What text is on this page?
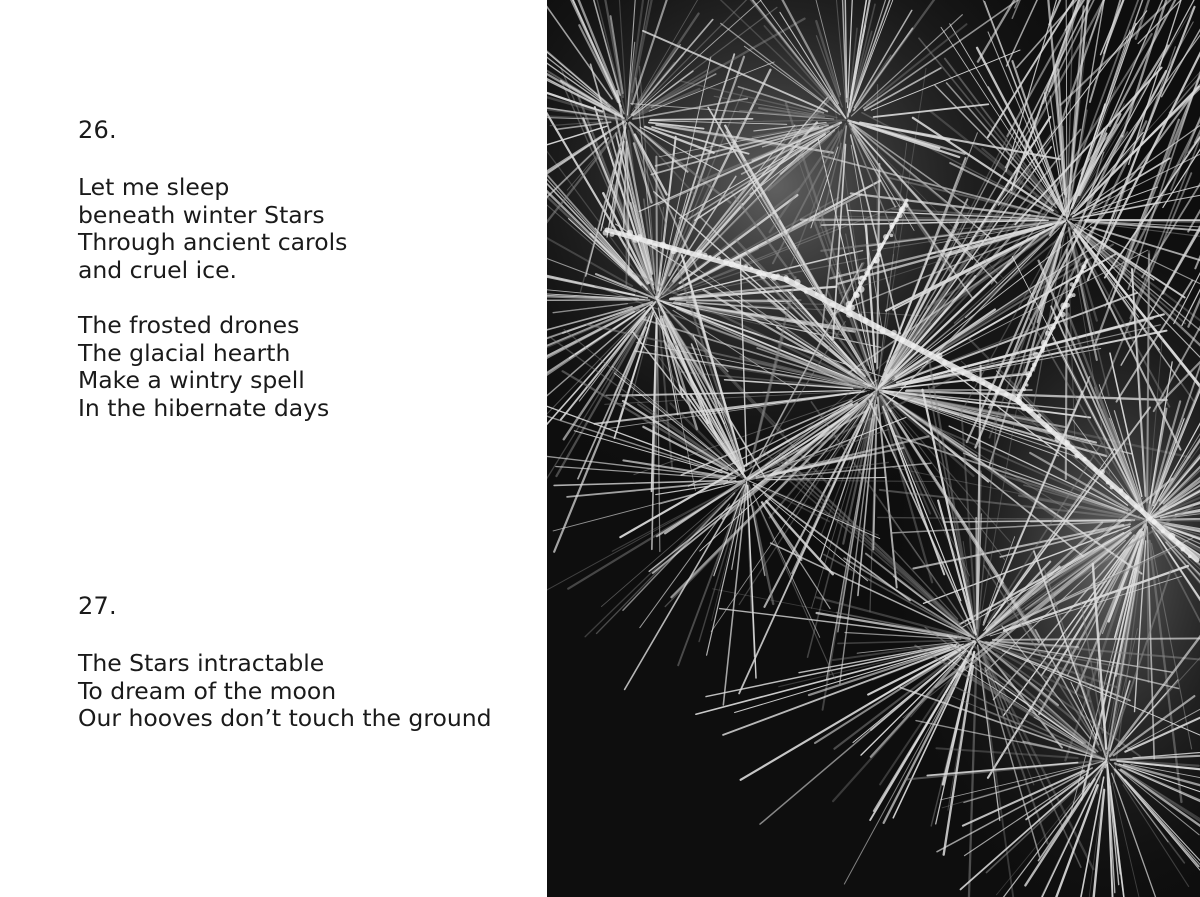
26.
Let me sleep
beneath winter Stars
Through ancient carols
and cruel ice.
The frosted drones
The glacial hearth
Make a wintry spell
In the hibernate days
27.
The Stars intractable
To dream of the moon
Our hooves don’t touch the ground
